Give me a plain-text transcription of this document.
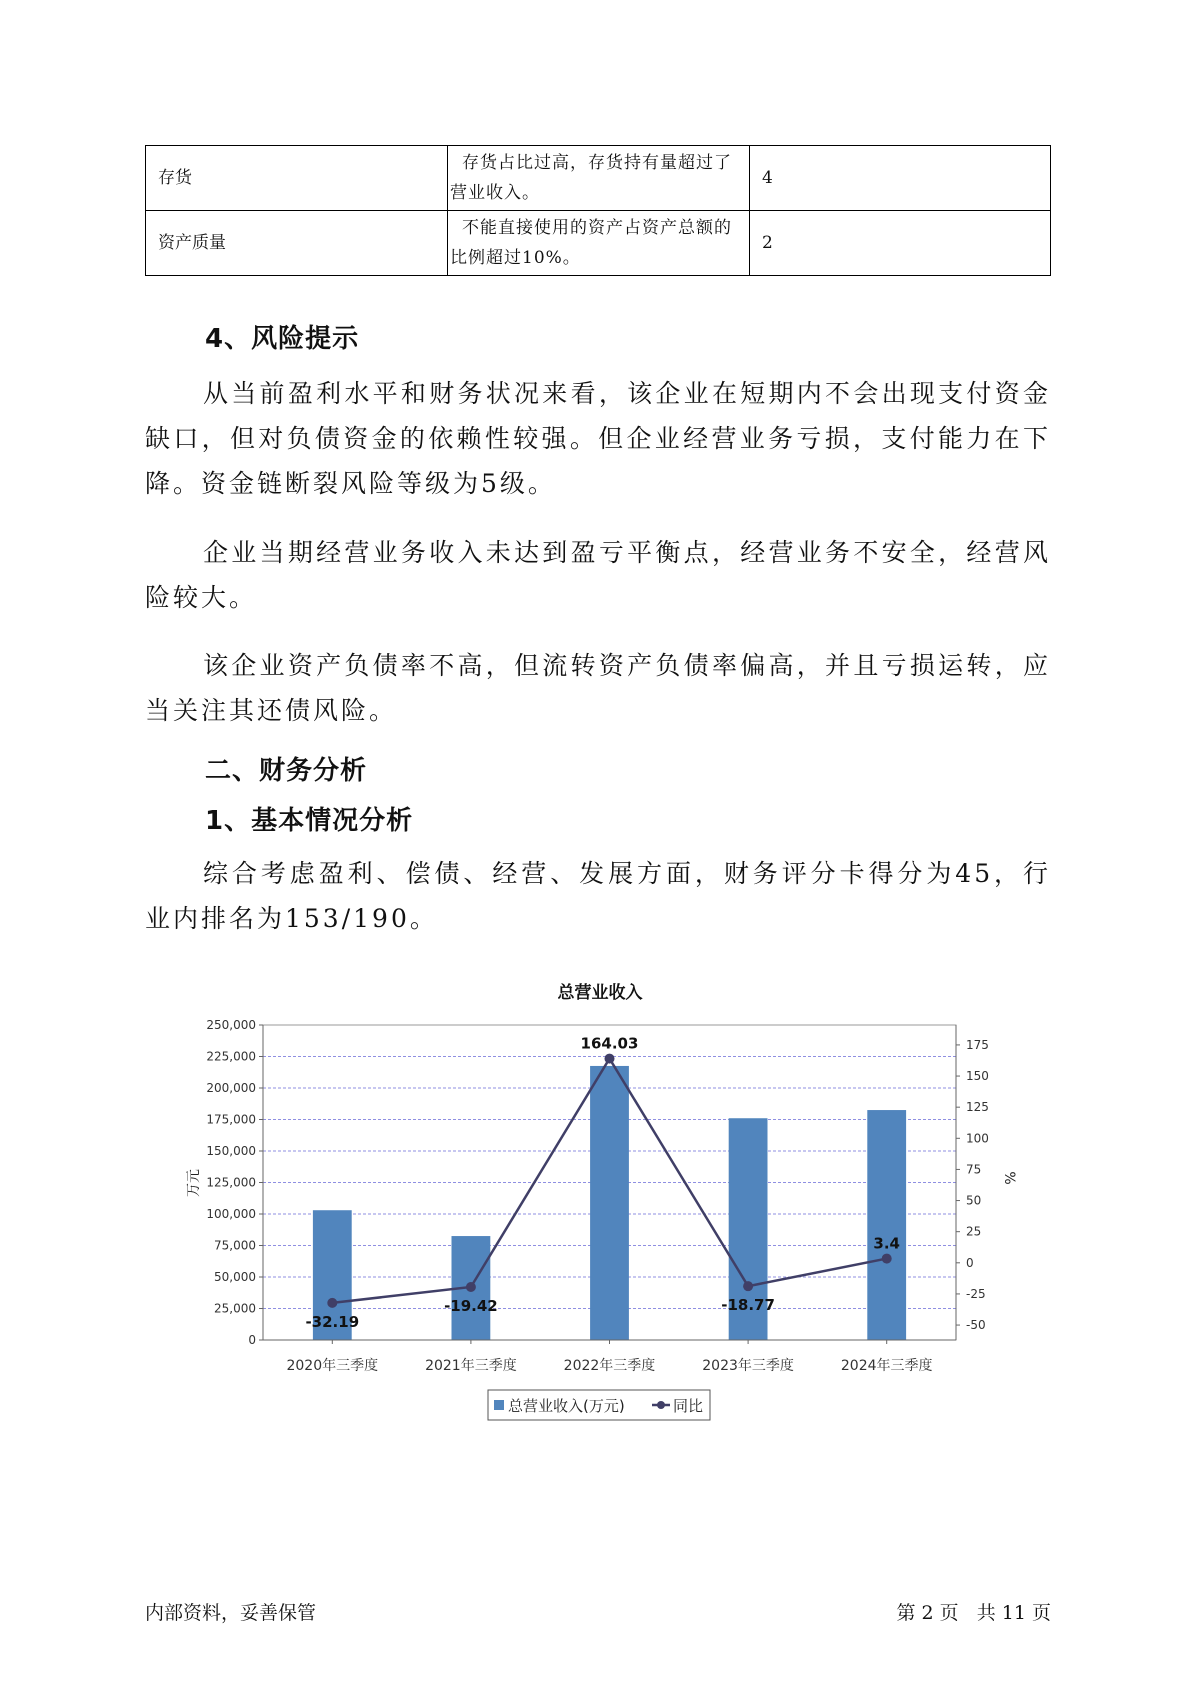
存货	存货占比过高，存货持有量超过了营业收入。	4
资产质量	不能直接使用的资产占资产总额的比例超过10%。	2
4、风险提示

从当前盈利水平和财务状况来看，该企业在短期内不会出现支付资金缺口，但对负债资金的依赖性较强。但企业经营业务亏损，支付能力在下降。资金链断裂风险等级为5级。

企业当期经营业务收入未达到盈亏平衡点，经营业务不安全，经营风险较大。

该企业资产负债率不高，但流转资产负债率偏高，并且亏损运转，应当关注其还债风险。

二、财务分析
1、基本情况分析

综合考虑盈利、偿债、经营、发展方面，财务评分卡得分为45，行业内排名为153/190。

-32.19
-19.42
164.03
-18.77
3.4
0
25,000
50,000
75,000
100,000
125,000
150,000
175,000
200,000
225,000
250,000
-50
-25
0
25
50
75
100
125
150
175
2020年三季度	2021年三季度	2022年三季度	2023年三季度	2024年三季度
总营业收入
万元	%
总营业收入(万元)	同比
内部资料，妥善保管	第 2 页   共 11 页
